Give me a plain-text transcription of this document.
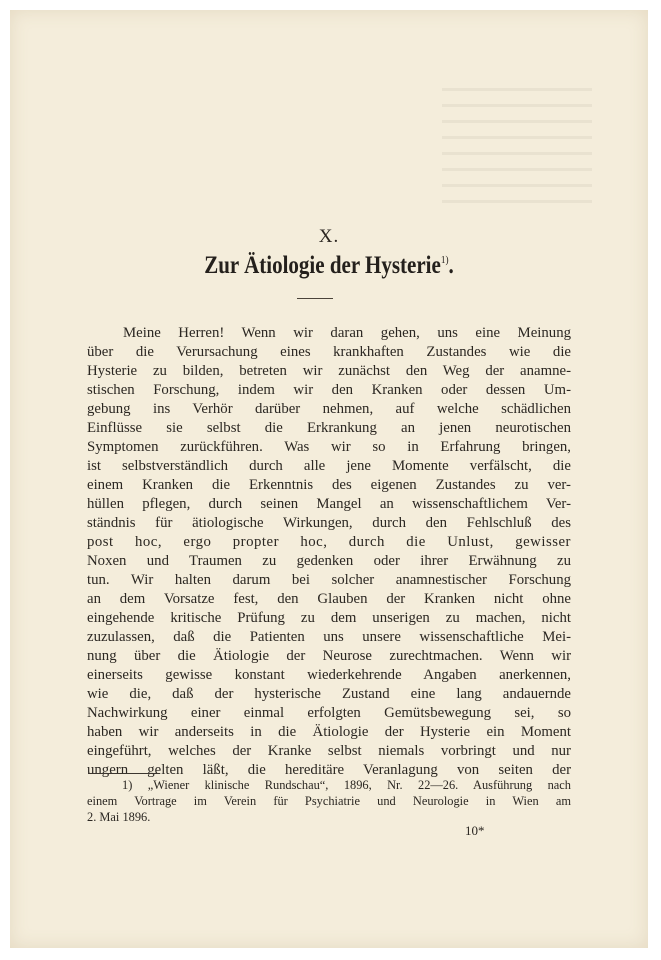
X.
Zur Ätiologie der Hysterie$^{1)}$.
Meine Herren! Wenn wir daran gehen, uns eine Meinung
über die Verursachung eines krankhaften Zustandes wie die
Hysterie zu bilden, betreten wir zunächst den Weg der anamne-
stischen Forschung, indem wir den Kranken oder dessen Um-
gebung ins Verhör darüber nehmen, auf welche schädlichen
Einflüsse sie selbst die Erkrankung an jenen neurotischen
Symptomen zurückführen. Was wir so in Erfahrung bringen,
ist selbstverständlich durch alle jene Momente verfälscht, die
einem Kranken die Erkenntnis des eigenen Zustandes zu ver-
hüllen pflegen, durch seinen Mangel an wissenschaftlichem Ver-
ständnis für ätiologische Wirkungen, durch den Fehlschluß des
post hoc, ergo propter hoc, durch die Unlust, gewisser
Noxen und Traumen zu gedenken oder ihrer Erwähnung zu
tun. Wir halten darum bei solcher anamnestischer Forschung
an dem Vorsatze fest, den Glauben der Kranken nicht ohne
eingehende kritische Prüfung zu dem unserigen zu machen, nicht
zuzulassen, daß die Patienten uns unsere wissenschaftliche Mei-
nung über die Ätiologie der Neurose zurechtmachen. Wenn wir
einerseits gewisse konstant wiederkehrende Angaben anerkennen,
wie die, daß der hysterische Zustand eine lang andauernde
Nachwirkung einer einmal erfolgten Gemütsbewegung sei, so
haben wir anderseits in die Ätiologie der Hysterie ein Moment
eingeführt, welches der Kranke selbst niemals vorbringt und nur
ungern gelten läßt, die hereditäre Veranlagung von seiten der
1) „Wiener klinische Rundschau“, 1896, Nr. 22—26. Ausführung nach
einem Vortrage im Verein für Psychiatrie und Neurologie in Wien am
2. Mai 1896.
10*
